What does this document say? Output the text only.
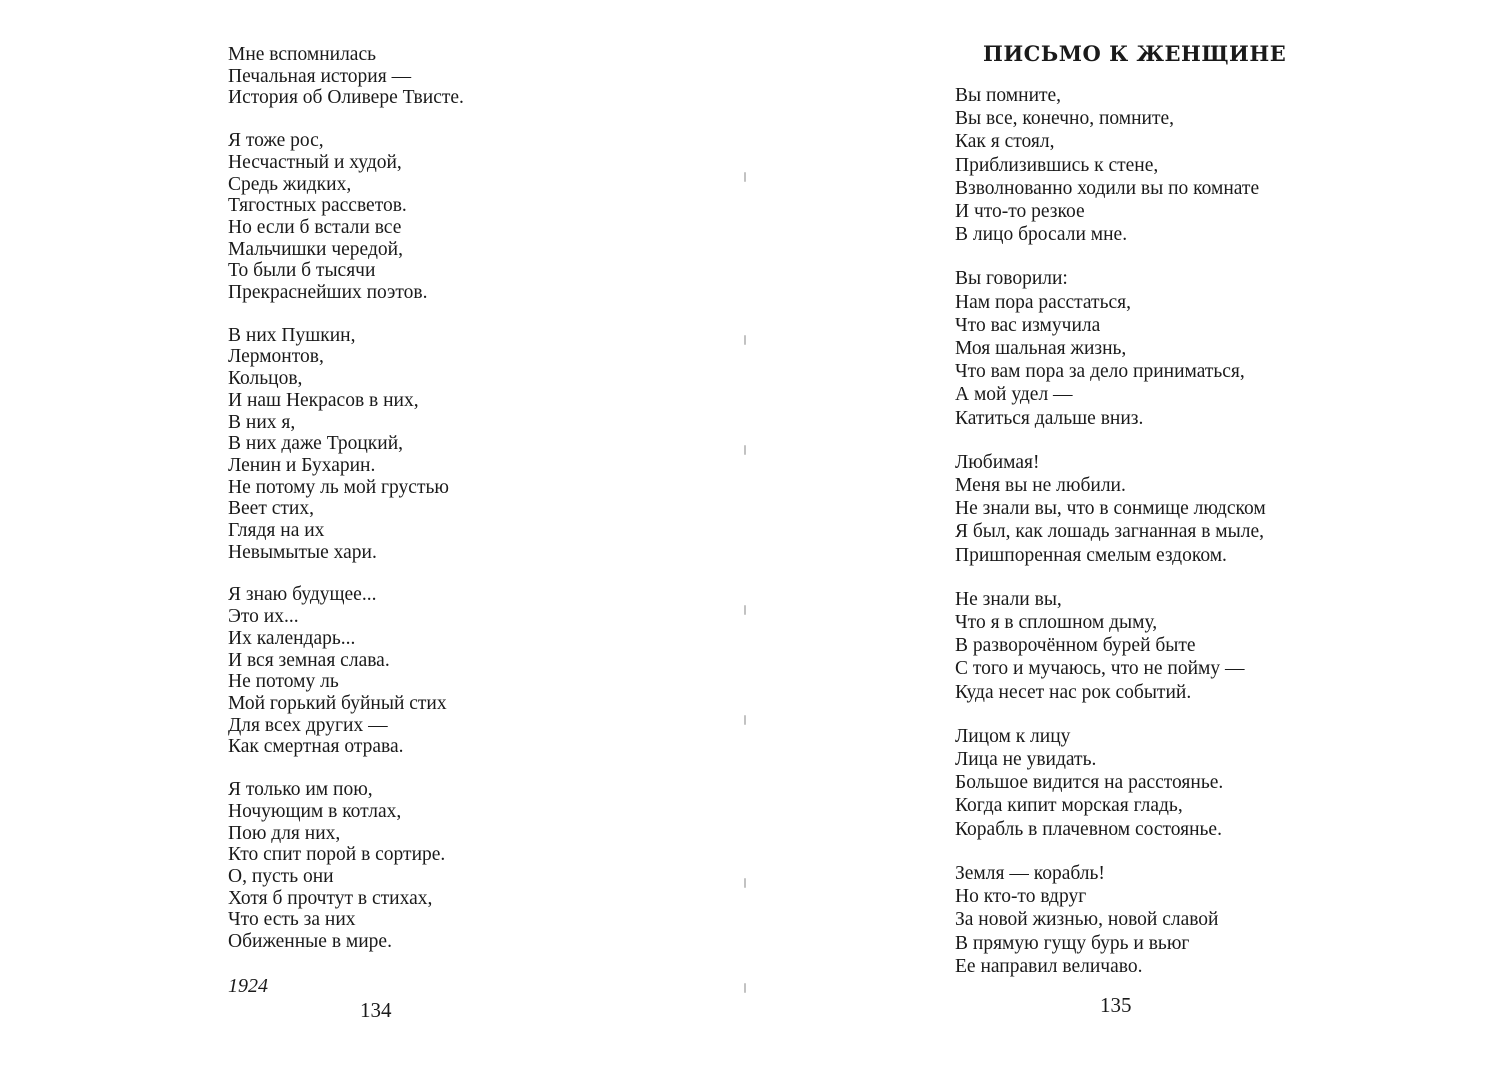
Мне вспомнилась
Печальная история —
История об Оливере Твисте.
Я тоже рос,
Несчастный и худой,
Средь жидких,
Тягостных рассветов.
Но если б встали все
Мальчишки чередой,
То были б тысячи
Прекраснейших поэтов.
В них Пушкин,
Лермонтов,
Кольцов,
И наш Некрасов в них,
В них я,
В них даже Троцкий,
Ленин и Бухарин.
Не потому ль мой грустью
Веет стих,
Глядя на их
Невымытые хари.
Я знаю будущее...
Это их...
Их календарь...
И вся земная слава.
Не потому ль
Мой горький буйный стих
Для всех других —
Как смертная отрава.
Я только им пою,
Ночующим в котлах,
Пою для них,
Кто спит порой в сортире.
О, пусть они
Хотя б прочтут в стихах,
Что есть за них
Обиженные в мире.
1924
134
ПИСЬМО К ЖЕНЩИНЕ
Вы помните,
Вы все, конечно, помните,
Как я стоял,
Приблизившись к стене,
Взволнованно ходили вы по комнате
И что-то резкое
В лицо бросали мне.
Вы говорили:
Нам пора расстаться,
Что вас измучила
Моя шальная жизнь,
Что вам пора за дело приниматься,
А мой удел —
Катиться дальше вниз.
Любимая!
Меня вы не любили.
Не знали вы, что в сонмище людском
Я был, как лошадь загнанная в мыле,
Пришпоренная смелым ездоком.
Не знали вы,
Что я в сплошном дыму,
В разворочённом бурей быте
С того и мучаюсь, что не пойму —
Куда несет нас рок событий.
Лицом к лицу
Лица не увидать.
Большое видится на расстоянье.
Когда кипит морская гладь,
Корабль в плачевном состоянье.
Земля — корабль!
Но кто-то вдруг
За новой жизнью, новой славой
В прямую гущу бурь и вьюг
Ее направил величаво.
135
